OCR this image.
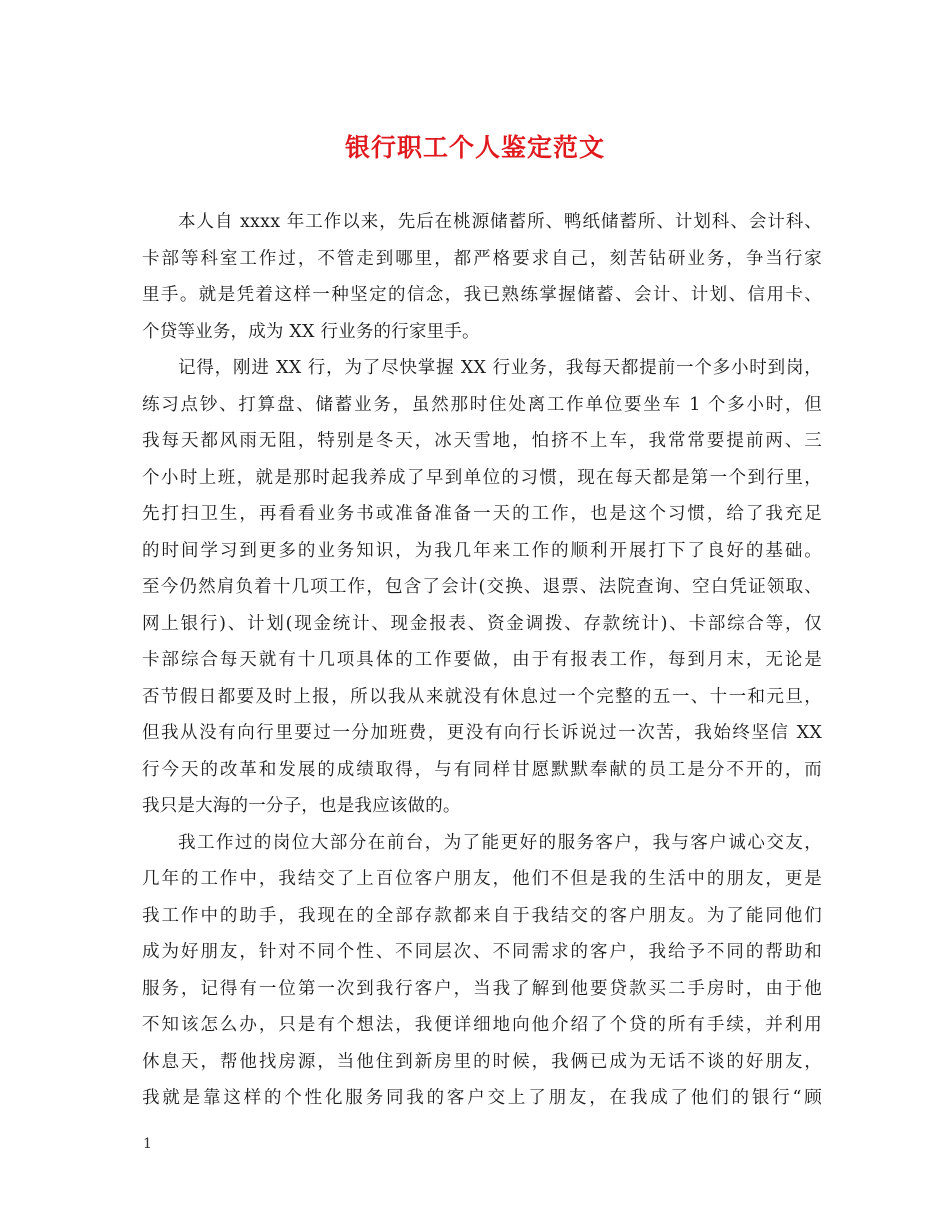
银行职工个人鉴定范文
本人自 xxxx 年工作以来，先后在桃源储蓄所、鸭纸储蓄所、计划科、会计科、
卡部等科室工作过，不管走到哪里，都严格要求自己，刻苦钻研业务，争当行家
里手。就是凭着这样一种坚定的信念，我已熟练掌握储蓄、会计、计划、信用卡、
个贷等业务，成为 XX 行业务的行家里手。
记得，刚进 XX 行，为了尽快掌握 XX 行业务，我每天都提前一个多小时到岗，
练习点钞、打算盘、储蓄业务，虽然那时住处离工作单位要坐车 1 个多小时，但
我每天都风雨无阻，特别是冬天，冰天雪地，怕挤不上车，我常常要提前两、三
个小时上班，就是那时起我养成了早到单位的习惯，现在每天都是第一个到行里，
先打扫卫生，再看看业务书或准备准备一天的工作，也是这个习惯，给了我充足
的时间学习到更多的业务知识，为我几年来工作的顺利开展打下了良好的基础。
至今仍然肩负着十几项工作，包含了会计(交换、退票、法院查询、空白凭证领取、
网上银行)、计划(现金统计、现金报表、资金调拨、存款统计)、卡部综合等，仅
卡部综合每天就有十几项具体的工作要做，由于有报表工作，每到月末，无论是
否节假日都要及时上报，所以我从来就没有休息过一个完整的五一、十一和元旦，
但我从没有向行里要过一分加班费，更没有向行长诉说过一次苦，我始终坚信 XX
行今天的改革和发展的成绩取得，与有同样甘愿默默奉献的员工是分不开的，而
我只是大海的一分子，也是我应该做的。
我工作过的岗位大部分在前台，为了能更好的服务客户，我与客户诚心交友，
几年的工作中，我结交了上百位客户朋友，他们不但是我的生活中的朋友，更是
我工作中的助手，我现在的全部存款都来自于我结交的客户朋友。为了能同他们
成为好朋友，针对不同个性、不同层次、不同需求的客户，我给予不同的帮助和
服务，记得有一位第一次到我行客户，当我了解到他要贷款买二手房时，由于他
不知该怎么办，只是有个想法，我便详细地向他介绍了个贷的所有手续，并利用
休息天，帮他找房源，当他住到新房里的时候，我俩已成为无话不谈的好朋友，
我就是靠这样的个性化服务同我的客户交上了朋友，在我成了他们的银行“顾
1
